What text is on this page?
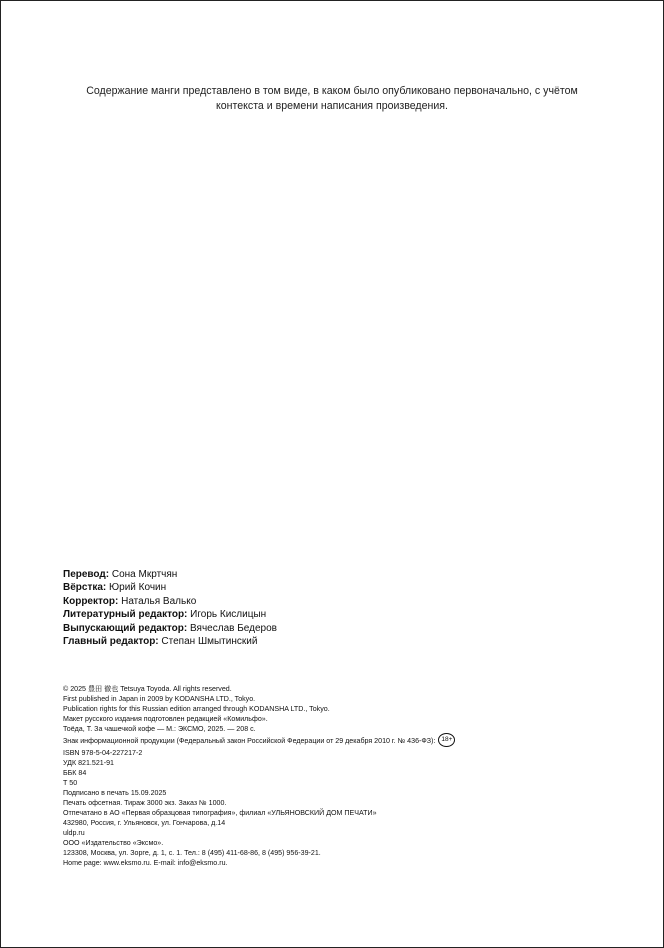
Содержание манги представлено в том виде, в каком было опубликовано первоначально, с учётом
контекста и времени написания произведения.
Перевод: Сона Мкртчян
Вёрстка: Юрий Кочин
Корректор: Наталья Валько
Литературный редактор: Игорь Кислицын
Выпускающий редактор: Вячеслав Бедеров
Главный редактор: Степан Шмытинский
© 2025 豊田 徹也 Tetsuya Toyoda. All rights reserved.
First published in Japan in 2009 by KODANSHA LTD., Tokyo.
Publication rights for this Russian edition arranged through KODANSHA LTD., Tokyo.
Макет русского издания подготовлен редакцией «Комильфо».
Тоёда, Т. За чашечкой кофе — М.: ЭКСМО, 2025. — 208 с.
Знак информационной продукции (Федеральный закон Российской Федерации от 29 декабря 2010 г. № 436-ФЗ): 18+
ISBN 978-5-04-227217-2
УДК 821.521-91
ББК 84
Т 50
Подписано в печать 15.09.2025
Печать офсетная. Тираж 3000 экз. Заказ № 1000.
Отпечатано в АО «Первая образцовая типография», филиал «УЛЬЯНОВСКИЙ ДОМ ПЕЧАТИ»
432980, Россия, г. Ульяновск, ул. Гончарова, д.14
uldp.ru
ООО «Издательство «Эксмо».
123308, Москва, ул. Зорге, д. 1, с. 1. Тел.: 8 (495) 411-68-86, 8 (495) 956-39-21.
Home page: www.eksmo.ru. E-mail: info@eksmo.ru.
